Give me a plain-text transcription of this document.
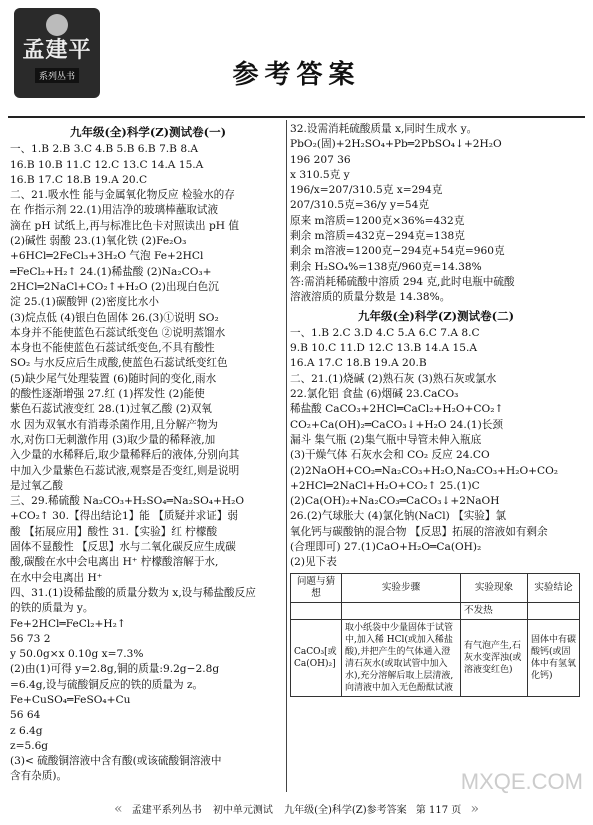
孟建平
系列丛书	参考答案
九年级(全)科学(Z)测试卷(一)

一、1.B 2.B 3.C 4.B 5.B 6.B 7.B 8.A

16.B 10.B 11.C 12.C 13.C 14.A 15.A

16.B 17.C 18.B 19.A 20.C

二、21.吸水性 能与金属氧化物反应 检验水的存

在 作指示剂 22.(1)用洁净的玻璃棒蘸取试液

滴在 pH 试纸上,再与标准比色卡对照读出 pH 值

(2)碱性 弱酸 23.(1)氧化铁 (2)Fe₂O₃

+6HCl═2FeCl₃+3H₂O 气泡 Fe+2HCl

═FeCl₂+H₂↑ 24.(1)稀盐酸 (2)Na₂CO₃+

2HCl═2NaCl+CO₂↑+H₂O (2)出现白色沉

淀 25.(1)碳酸钾 (2)密度比水小

(3)烷点低 (4)银白色固体 26.(3)①说明 SO₂

本身并不能使蓝色石蕊试纸变色 ②说明蒸馏水

本身也不能使蓝色石蕊试纸变色,不具有酸性

SO₂ 与水反应后生成酸,使蓝色石蕊试纸变红色

(5)缺少尾气处理装置 (6)随时间的变化,雨水

的酸性逐渐增强 27.红 (1)挥发性 (2)能使

紫色石蕊试液变红 28.(1)过氧乙酸 (2)双氧

水 因为双氧水有消毒杀菌作用,且分解产物为

水,对伤口无刺激作用 (3)取少量的稀释液,加

入少量的水稀释后,取少量稀释后的液体,分别向其

中加入少量紫色石蕊试液,观察是否变红,则是说明

是过氧乙酸

三、29.稀硫酸 Na₂CO₃+H₂SO₄═Na₂SO₄+H₂O

+CO₂↑ 30.【得出结论1】能 【质疑并求证】弱

酸 【拓展应用】酸性 31.【实验】红 柠檬酸

固体不显酸性 【反思】水与二氧化碳反应生成碳

酸,碳酸在水中会电离出 H⁺ 柠檬酸溶解于水,

在水中会电离出 H⁺

四、31.(1)设稀盐酸的质量分数为 x,设与稀盐酸反应

的铁的质量为 y。

Fe+2HCl═FeCl₂+H₂↑

56 73 2

y 50.0g×x 0.10g x=7.3%

(2)由(1)可得 y=2.8g,铜的质量:9.2g−2.8g

=6.4g,设与硫酸铜反应的铁的质量为 z。

Fe+CuSO₄═FeSO₄+Cu

56 64

z 6.4g

z=5.6g

(3)< 硫酸铜溶液中含有酸(或该硫酸铜溶液中

含有杂质)。

32.设需消耗硫酸质量 x,同时生成水 y。

PbO₂(固)+2H₂SO₄+Pb═2PbSO₄↓+2H₂O

196 207 36

x 310.5克 y

196/x=207/310.5克 x=294克

207/310.5克=36/y y=54克

原来 m溶质=1200克×36%=432克

剩余 m溶质=432克−294克=138克

剩余 m溶液=1200克−294克+54克=960克

剩余 H₂SO₄%=138克/960克=14.38%

答:需消耗稀硫酸中溶质 294 克,此时电瓶中硫酸

溶液溶质的质量分数是 14.38%。

九年级(全)科学(Z)测试卷(二)

一、1.B 2.C 3.D 4.C 5.A 6.C 7.A 8.C

9.B 10.C 11.D 12.C 13.B 14.A 15.A

16.A 17.C 18.B 19.A 20.B

二、21.(1)烧碱 (2)熟石灰 (3)熟石灰或氯水

22.氯化铝 食盐 (6)烟碱 23.CaCO₃

稀盐酸 CaCO₃+2HCl═CaCl₂+H₂O+CO₂↑

CO₂+Ca(OH)₂═CaCO₃↓+H₂O 24.(1)长颈

漏斗 集气瓶 (2)集气瓶中导管未伸入瓶底

(3)干燥气体 石灰水会和 CO₂ 反应 24.CO

(2)2NaOH+CO₂═Na₂CO₃+H₂O,Na₂CO₃+H₂O+CO₂

+2HCl═2NaCl+H₂O+CO₂↑ 25.(1)C

(2)Ca(OH)₂+Na₂CO₃═CaCO₃↓+2NaOH

26.(2)气球胀大 (4)氯化钠(NaCl) 【实验】氯

氧化钙与碳酸钠的混合物 【反思】拓展的溶液如有剩余

(合理即可) 27.(1)CaO+H₂O═Ca(OH)₂

(2)见下表

问题与猜想	实验步骤	实验现象	实验结论
		不发热	
CaCO₃[或Ca(OH)₂]	取小纸袋中少量固体于试管中,加入稀 HCl(或加入稀盐酸),并把产生的气体通入澄清石灰水(或取试管中加入水),充分溶解后取上层清液,向清液中加入无色酚酞试液	有气泡产生,石灰水变浑浊(或溶液变红色)	固体中有碳酸钙(或固体中有氢氧化钙)
MXQE.COM
« 孟建平系列丛书 初中单元测试 九年级(全)科学(Z)参考答案 第 117 页 »
